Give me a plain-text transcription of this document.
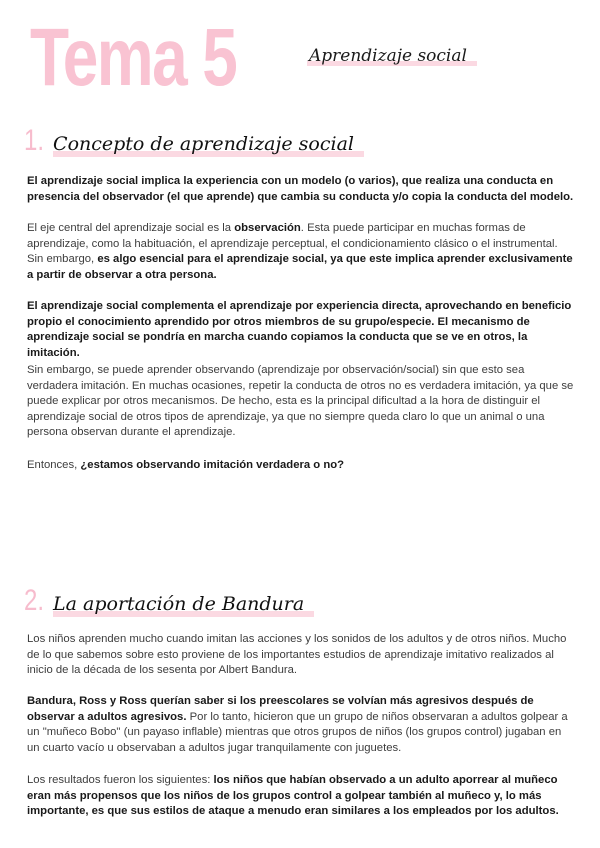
Tema 5	Aprendizaje social
1. Concepto de aprendizaje social

El aprendizaje social implica la experiencia con un modelo (o varios), que realiza una conducta en presencia del observador (el que aprende) que cambia su conducta y/o copia la conducta del modelo.

El eje central del aprendizaje social es la observación. Esta puede participar en muchas formas de aprendizaje, como la habituación, el aprendizaje perceptual, el condicionamiento clásico o el instrumental. Sin embargo, es algo esencial para el aprendizaje social, ya que este implica aprender exclusivamente a partir de observar a otra persona.

El aprendizaje social complementa el aprendizaje por experiencia directa, aprovechando en beneficio propio el conocimiento aprendido por otros miembros de su grupo/especie. El mecanismo de aprendizaje social se pondría en marcha cuando copiamos la conducta que se ve en otros, la imitación.

Sin embargo, se puede aprender observando (aprendizaje por observación/social) sin que esto sea verdadera imitación. En muchas ocasiones, repetir la conducta de otros no es verdadera imitación, ya que se puede explicar por otros mecanismos. De hecho, esta es la principal dificultad a la hora de distinguir el aprendizaje social de otros tipos de aprendizaje, ya que no siempre queda claro lo que un animal o una persona observan durante el aprendizaje.

Entonces, ¿estamos observando imitación verdadera o no?

2. La aportación de Bandura

Los niños aprenden mucho cuando imitan las acciones y los sonidos de los adultos y de otros niños. Mucho de lo que sabemos sobre esto proviene de los importantes estudios de aprendizaje imitativo realizados al inicio de la década de los sesenta por Albert Bandura.

Bandura, Ross y Ross querían saber si los preescolares se volvían más agresivos después de observar a adultos agresivos. Por lo tanto, hicieron que un grupo de niños observaran a adultos golpear a un "muñeco Bobo" (un payaso inflable) mientras que otros grupos de niños (los grupos control) jugaban en un cuarto vacío u observaban a adultos jugar tranquilamente con juguetes.

Los resultados fueron los siguientes: los niños que habían observado a un adulto aporrear al muñeco eran más propensos que los niños de los grupos control a golpear también al muñeco y, lo más importante, es que sus estilos de ataque a menudo eran similares a los empleados por los adultos.
